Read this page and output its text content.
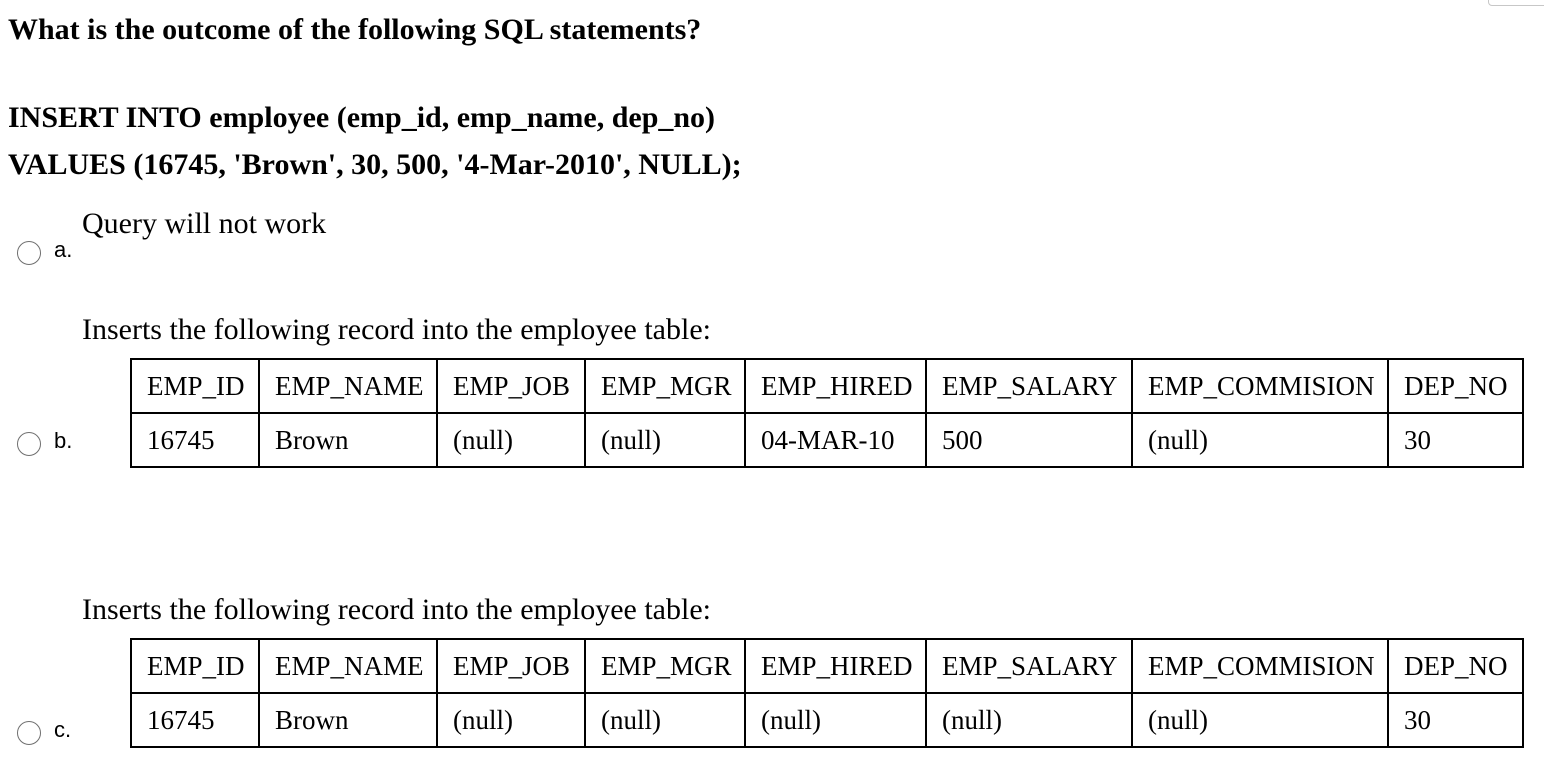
What is the outcome of the following SQL statements?
INSERT INTO employee (emp_id, emp_name, dep_no)
VALUES (16745, 'Brown', 30, 500, '4-Mar-2010', NULL);
a.
Query will not work
b.
Inserts the following record into the employee table:
EMP_ID	EMP_NAME	EMP_JOB	EMP_MGR	EMP_HIRED	EMP_SALARY	EMP_COMMISION	DEP_NO
16745	Brown	(null)	(null)	04-MAR-10	500	(null)	30
c.
Inserts the following record into the employee table:
EMP_ID	EMP_NAME	EMP_JOB	EMP_MGR	EMP_HIRED	EMP_SALARY	EMP_COMMISION	DEP_NO
16745	Brown	(null)	(null)	(null)	(null)	(null)	30
